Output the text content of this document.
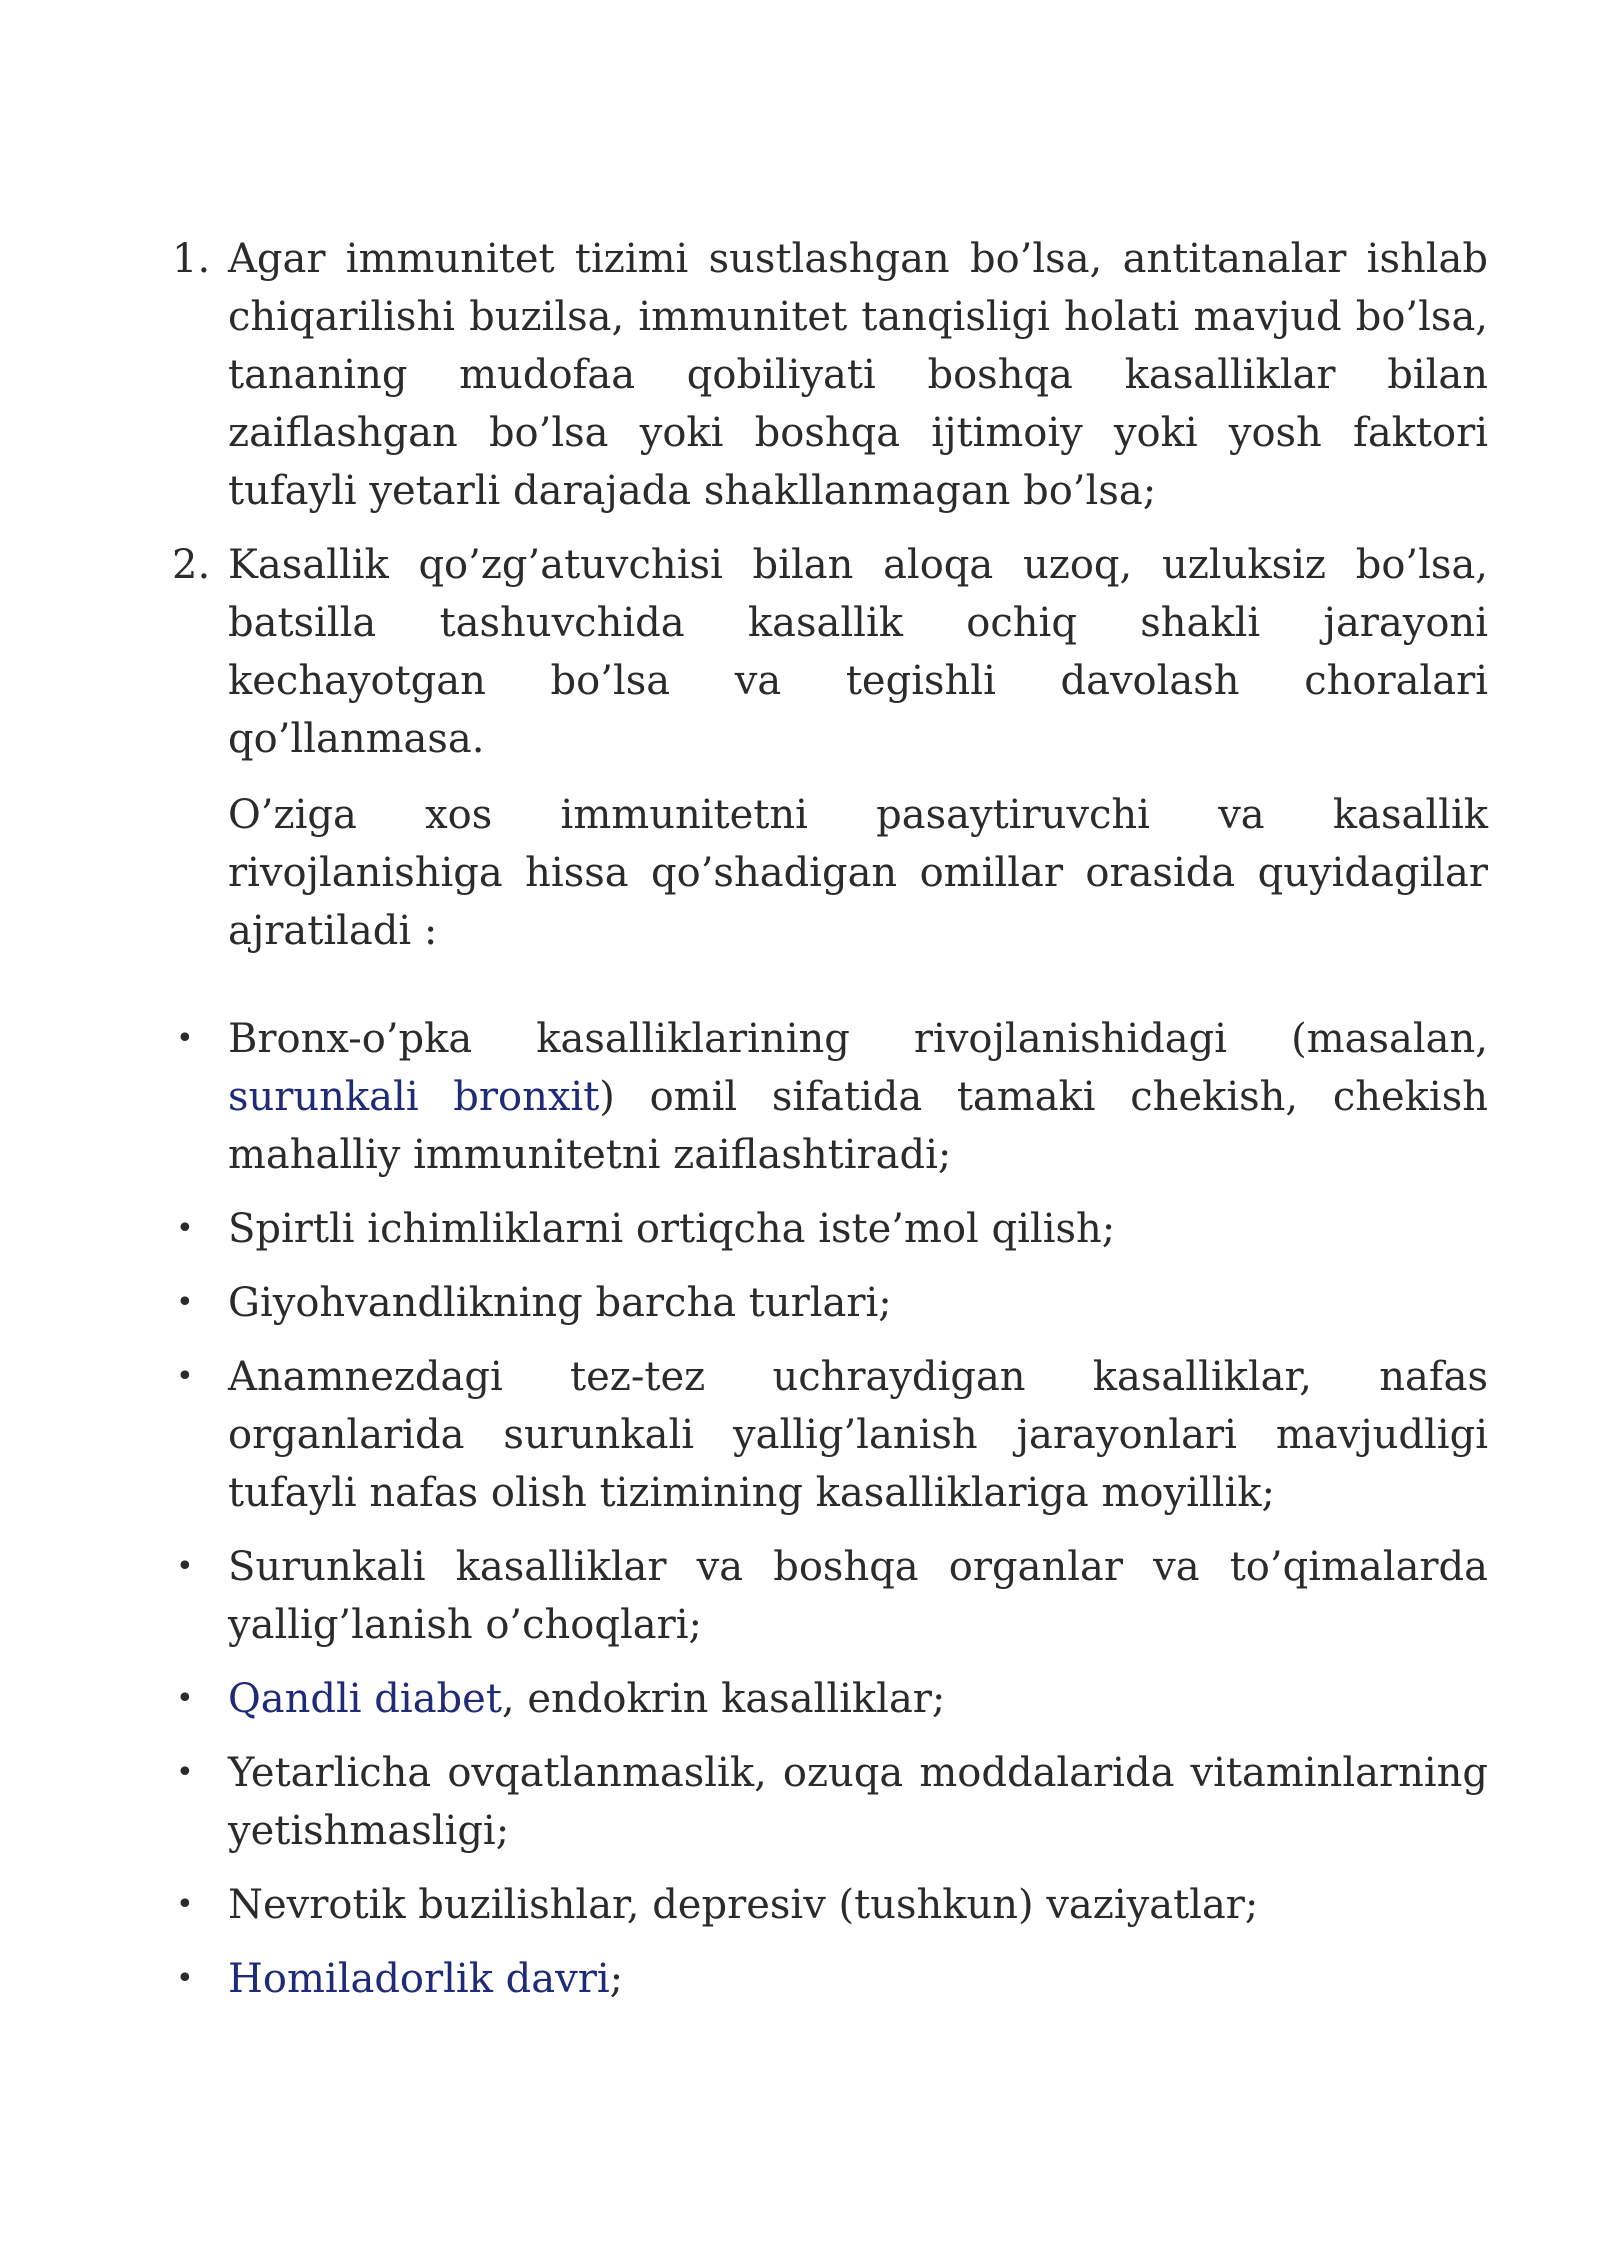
1. Agar immunitet tizimi sustlashgan bo’lsa, antitanalar ishlab chiqarilishi buzilsa, immunitet tanqisligi holati mavjud bo’lsa, tananing mudofaa qobiliyati boshqa kasalliklar bilan zaiflashgan bo’lsa yoki boshqa ijtimoiy yoki yosh faktori tufayli yetarli darajada shakllanmagan bo’lsa;
2. Kasallik qo’zg’atuvchisi bilan aloqa uzoq, uzluksiz bo’lsa, batsilla tashuvchida kasallik ochiq shakli jarayoni kechayotgan bo’lsa va tegishli davolash choralari qo’llanmasa.

O’ziga xos immunitetni pasaytiruvchi va kasallik rivojlanishiga hissa qo’shadigan omillar orasida quyidagilar ajratiladi :

• Bronx-o’pka kasalliklarining rivojlanishidagi (masalan, surunkali bronxit) omil sifatida tamaki chekish, chekish mahalliy immunitetni zaiflashtiradi;
• Spirtli ichimliklarni ortiqcha iste’mol qilish;
• Giyohvandlikning barcha turlari;
• Anamnezdagi tez-tez uchraydigan kasalliklar, nafas organlarida surunkali yallig’lanish jarayonlari mavjudligi tufayli nafas olish tizimining kasalliklariga moyillik;
• Surunkali kasalliklar va boshqa organlar va to’qimalarda yallig’lanish o’choqlari;
• Qandli diabet, endokrin kasalliklar;
• Yetarlicha ovqatlanmaslik, ozuqa moddalarida vitaminlarning yetishmasligi;
• Nevrotik buzilishlar, depresiv (tushkun) vaziyatlar;
• Homiladorlik davri;
